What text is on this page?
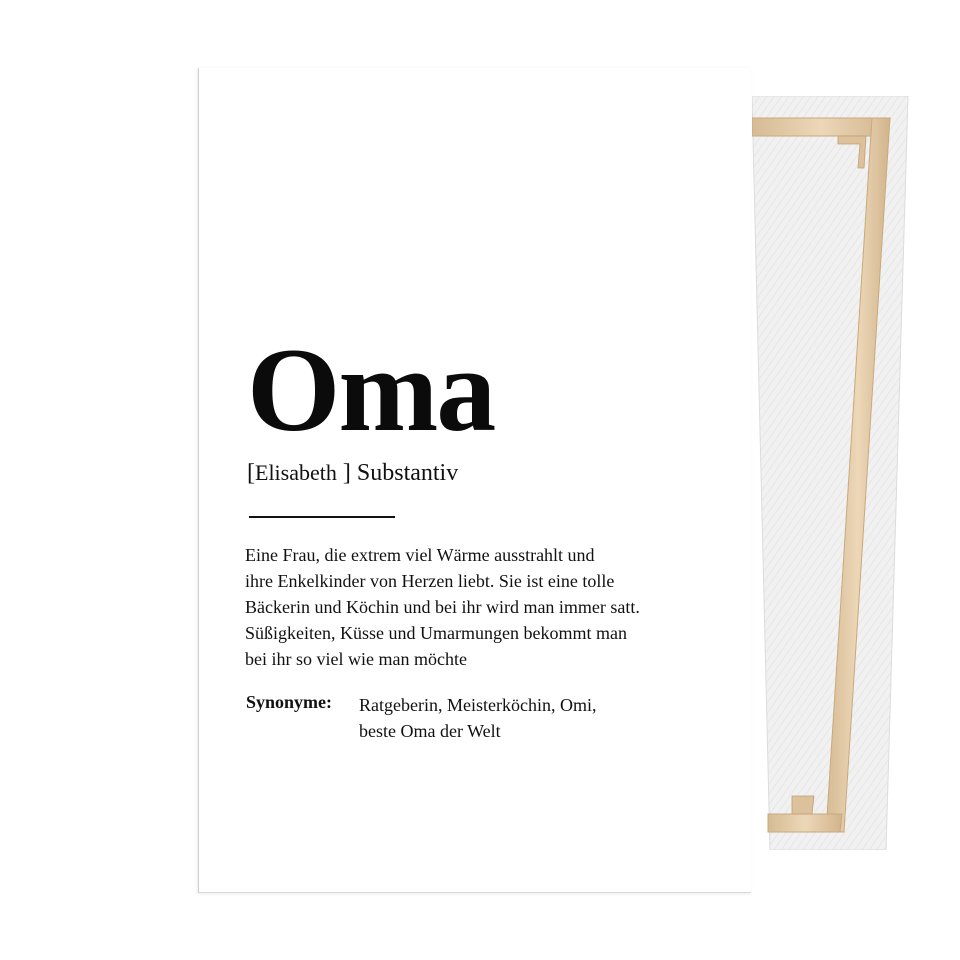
Oma
[Elisabeth ] Substantiv
Eine Frau, die extrem viel Wärme ausstrahlt und
ihre Enkelkinder von Herzen liebt. Sie ist eine tolle
Bäckerin und Köchin und bei ihr wird man immer satt.
Süßigkeiten, Küsse und Umarmungen bekommt man
bei ihr so viel wie man möchte
Synonyme: Ratgeberin, Meisterköchin, Omi,
beste Oma der Welt
